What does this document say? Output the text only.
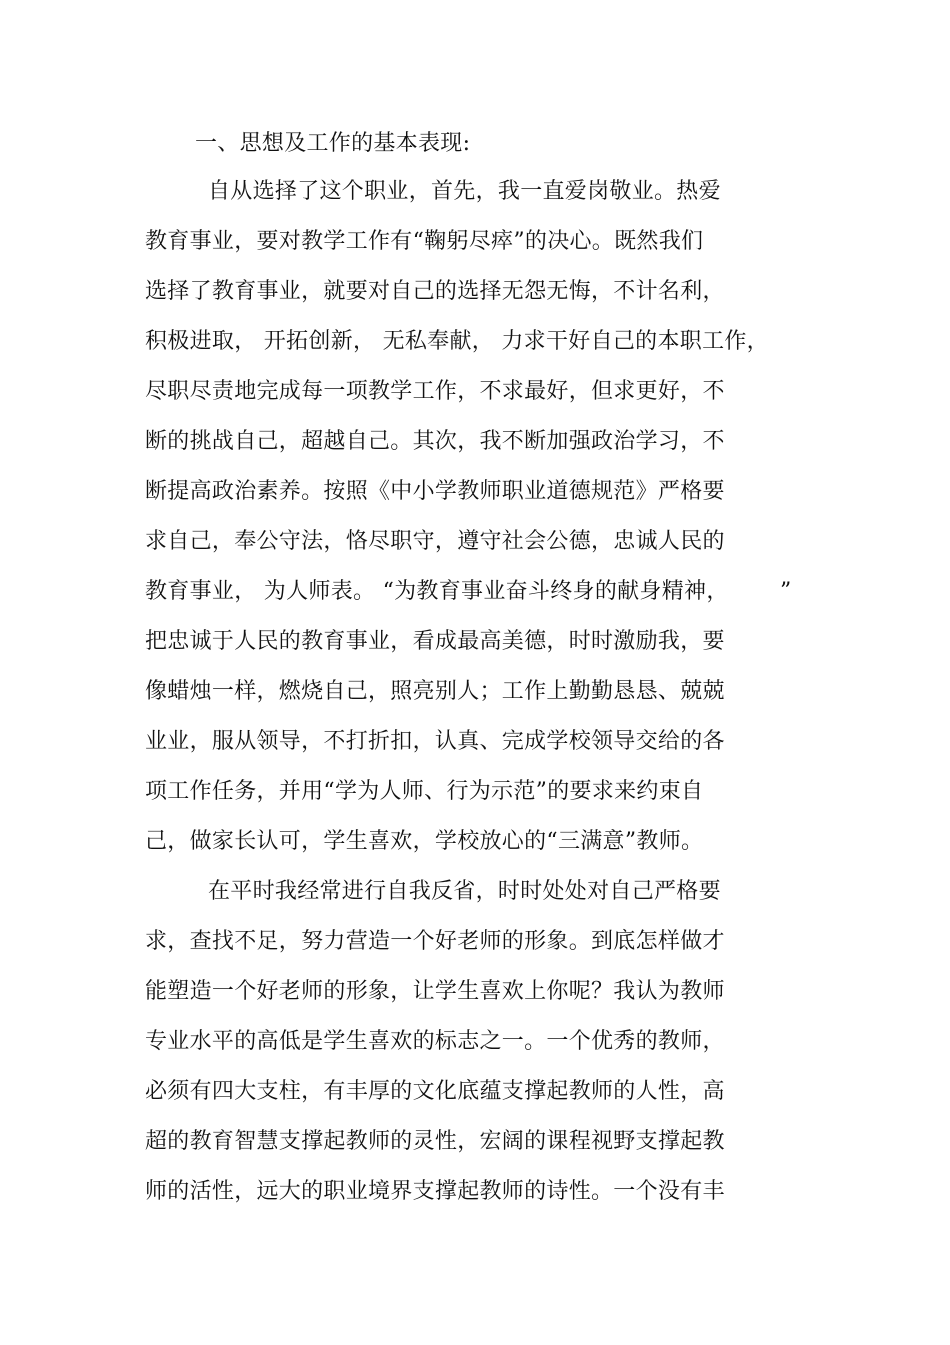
一、思想及工作的基本表现:
自从选择了这个职业，首先，我一直爱岗敬业。热爱
教育事业，要对教学工作有“鞠躬尽瘁”的决心。既然我们
选择了教育事业，就要对自己的选择无怨无悔，不计名利，
积极进取， 开拓创新， 无私奉献， 力求干好自己的本职工作，
尽职尽责地完成每一项教学工作，不求最好，但求更好，不
断的挑战自己，超越自己。其次，我不断加强政治学习，不
断提高政治素养。按照《中小学教师职业道德规范》严格要
求自己，奉公守法，恪尽职守，遵守社会公德，忠诚人民的
教育事业， 为人师表。 “为教育事业奋斗终身的献身精神， ”
把忠诚于人民的教育事业，看成最高美德，时时激励我，要
像蜡烛一样，燃烧自己，照亮别人；工作上勤勤恳恳、兢兢
业业，服从领导，不打折扣，认真、完成学校领导交给的各
项工作任务，并用“学为人师、行为示范”的要求来约束自
己，做家长认可，学生喜欢，学校放心的“三满意”教师。
在平时我经常进行自我反省，时时处处对自己严格要
求，查找不足，努力营造一个好老师的形象。到底怎样做才
能塑造一个好老师的形象，让学生喜欢上你呢？我认为教师
专业水平的高低是学生喜欢的标志之一。一个优秀的教师，
必须有四大支柱，有丰厚的文化底蕴支撑起教师的人性，高
超的教育智慧支撑起教师的灵性，宏阔的课程视野支撑起教
师的活性，远大的职业境界支撑起教师的诗性。一个没有丰
